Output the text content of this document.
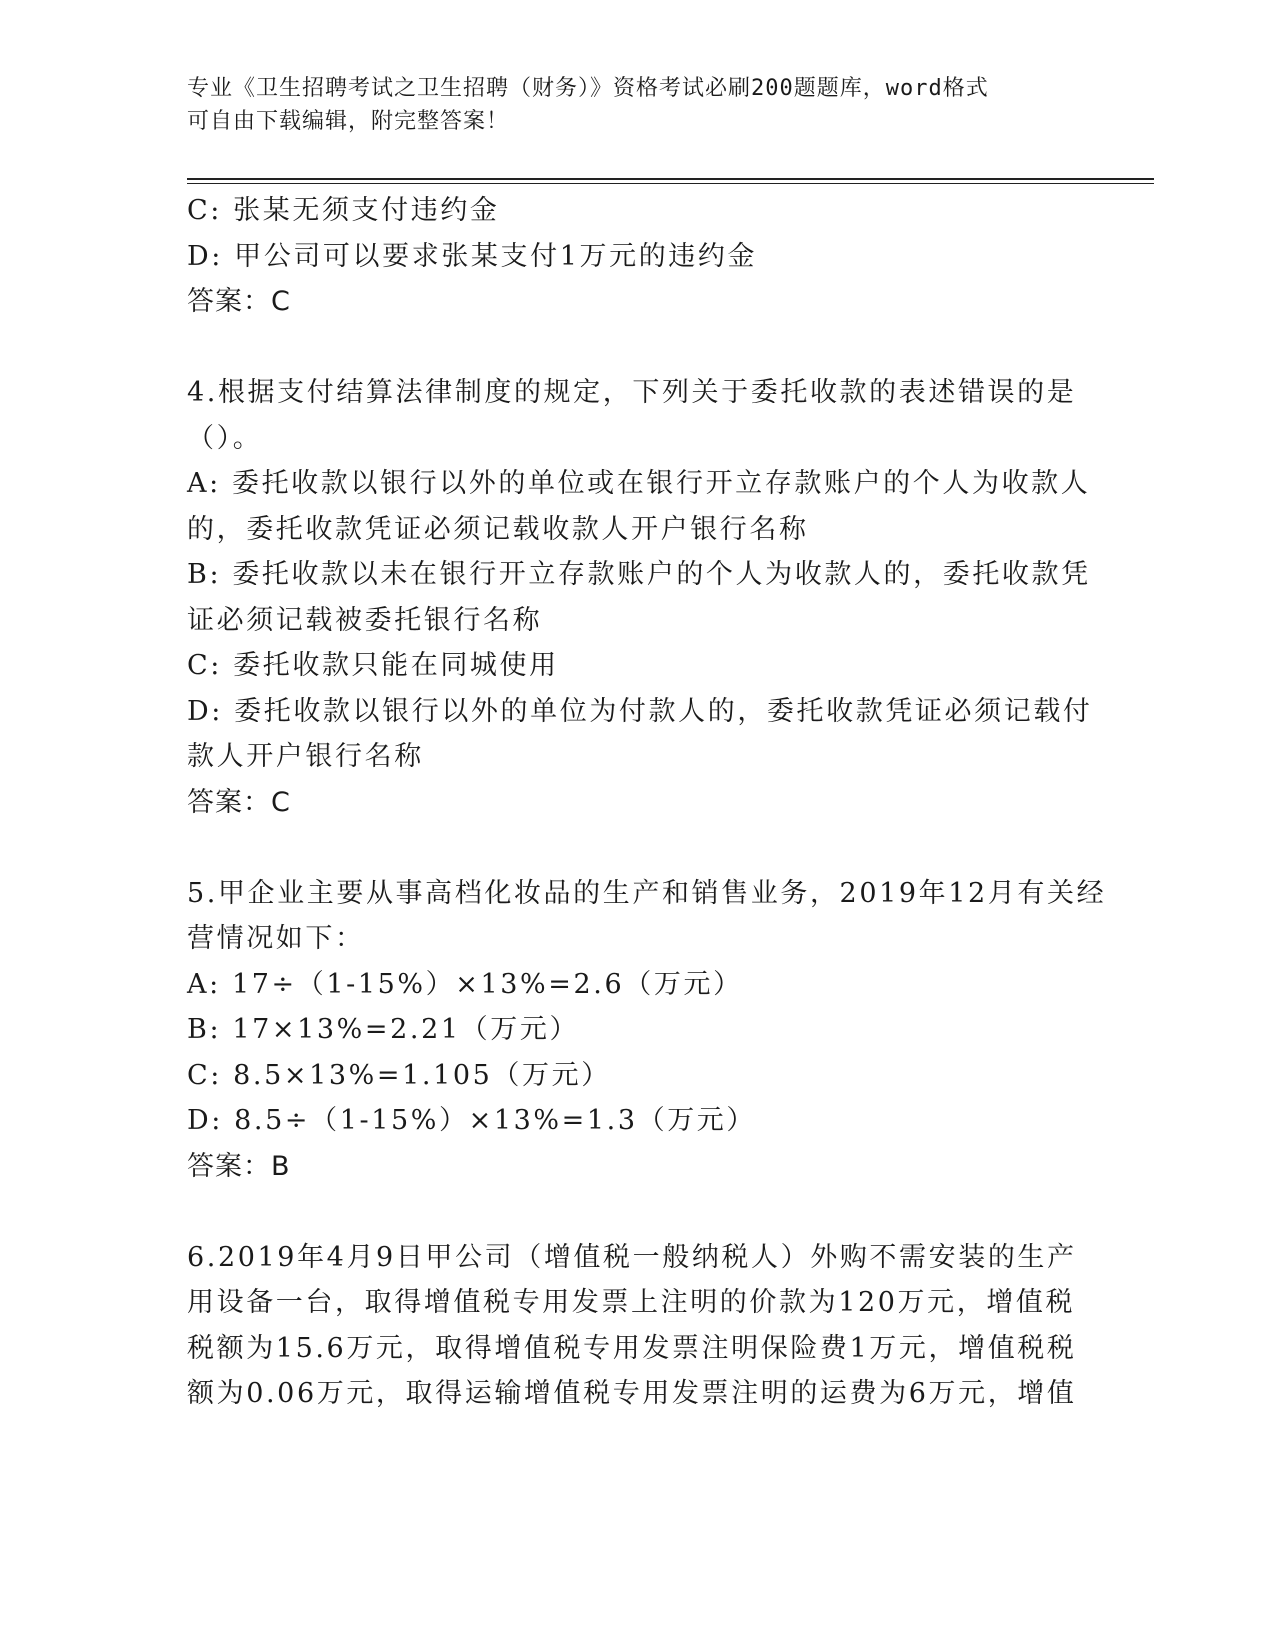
专业《卫生招聘考试之卫生招聘（财务）》资格考试必刷200题题库，word格式
可自由下载编辑，附完整答案！
C: 张某无须支付违约金
D: 甲公司可以要求张某支付1万元的违约金
答案：C
4.根据支付结算法律制度的规定，下列关于委托收款的表述错误的是
（）。
A: 委托收款以银行以外的单位或在银行开立存款账户的个人为收款人
的，委托收款凭证必须记载收款人开户银行名称
B: 委托收款以未在银行开立存款账户的个人为收款人的，委托收款凭
证必须记载被委托银行名称
C: 委托收款只能在同城使用
D: 委托收款以银行以外的单位为付款人的，委托收款凭证必须记载付
款人开户银行名称
答案：C
5.甲企业主要从事高档化妆品的生产和销售业务，2019年12月有关经
营情况如下：
A: 17÷（1-15%）×13%=2.6（万元）
B: 17×13%=2.21（万元）
C: 8.5×13%=1.105（万元）
D: 8.5÷（1-15%）×13%=1.3（万元）
答案：B
6.2019年4月9日甲公司（增值税一般纳税人）外购不需安装的生产
用设备一台，取得增值税专用发票上注明的价款为120万元，增值税
税额为15.6万元，取得增值税专用发票注明保险费1万元，增值税税
额为0.06万元，取得运输增值税专用发票注明的运费为6万元，增值
